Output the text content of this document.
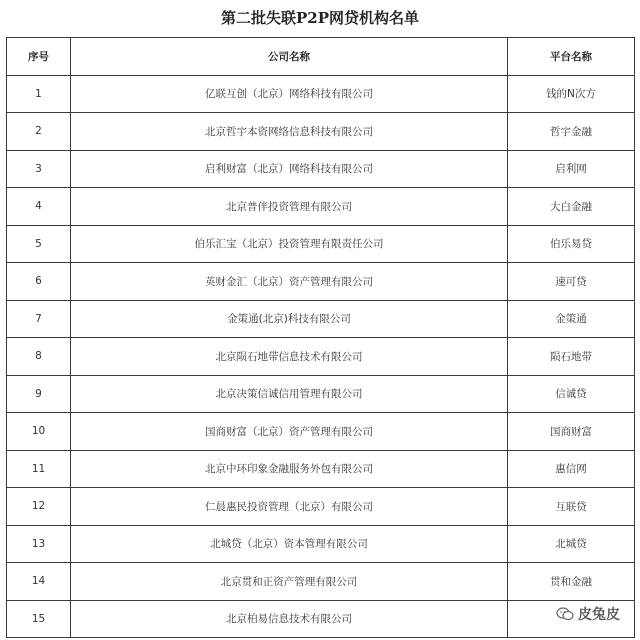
第二批失联P2P网贷机构名单
序号	公司名称	平台名称
1	亿联互创（北京）网络科技有限公司	钱的N次方
2	北京哲宇本资网络信息科技有限公司	哲宇金融
3	启利财富（北京）网络科技有限公司	启利网
4	北京普伴投资管理有限公司	大白金融
5	伯乐汇宝（北京）投资管理有限责任公司	伯乐易贷
6	英财金汇（北京）资产管理有限公司	速可贷
7	金策通(北京)科技有限公司	金策通
8	北京陨石地带信息技术有限公司	陨石地带
9	北京决策信诚信用管理有限公司	信诚贷
10	国商财富（北京）资产管理有限公司	国商财富
11	北京中环印象金融服务外包有限公司	惠信网
12	仁晨惠民投资管理（北京）有限公司	互联贷
13	北城贷（北京）资本管理有限公司	北城贷
14	北京贯和正资产管理有限公司	贯和金融
15	北京柏易信息技术有限公司		皮兔皮
